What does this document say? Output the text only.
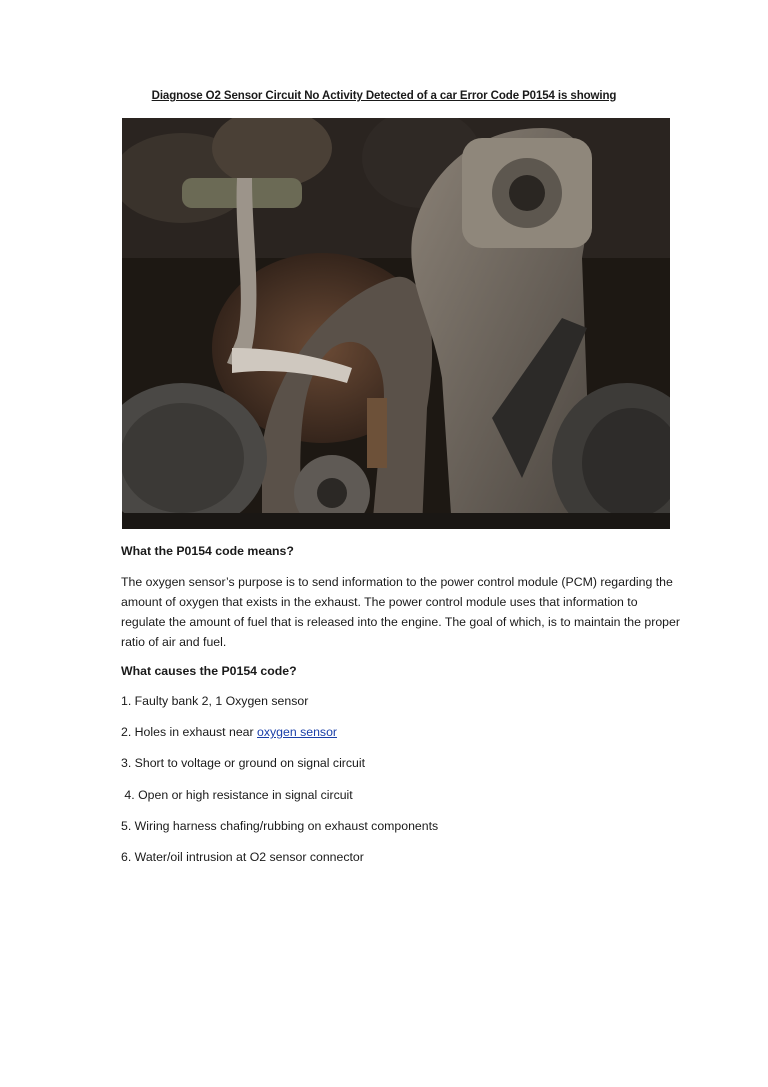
Diagnose O2 Sensor Circuit No Activity Detected of a car Error Code P0154 is showing
What the P0154 code means?
The oxygen sensor’s purpose is to send information to the power control module (PCM) regarding the amount of oxygen that exists in the exhaust. The power control module uses that information to regulate the amount of fuel that is released into the engine. The goal of which, is to maintain the proper ratio of air and fuel.
What causes the P0154 code?
1. Faulty bank 2, 1 Oxygen sensor
2. Holes in exhaust near oxygen sensor
3. Short to voltage or ground on signal circuit
4. Open or high resistance in signal circuit
5. Wiring harness chafing/rubbing on exhaust components
6. Water/oil intrusion at O2 sensor connector
